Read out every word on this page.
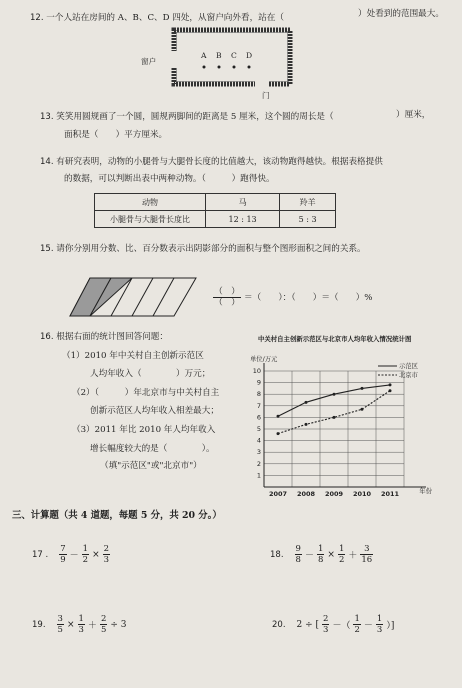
12. 一个人站在房间的 A、B、C、D 四处，从窗户向外看，站在（	）处看到的范围最大。
窗户
A B C D
门
13. 笑笑用圆规画了一个圆，圆规两脚间的距离是 5 厘米，这个圆的周长是（	）厘米，
面积是（　　）平方厘米。
14. 有研究表明，动物的小腿骨与大腿骨长度的比值越大，该动物跑得越快。根据表格提供
的数据，可以判断出表中两种动物。（　　　）跑得快。
动物	马	羚羊
小腿骨与大腿骨长度比	12 : 13	5 : 3
15. 请你分别用分数、比、百分数表示出阴影部分的面积与整个图形面积之间的关系。
$\frac{( )}{( )}$ ＝（　　）：（　　）＝（　　）%
16. 根据右面的统计图回答问题：
（1）2010 年中关村自主创新示范区
人均年收入（　　　　）万元；
（2）（　　　）年北京市与中关村自主
创新示范区人均年收入相差最大；
（3）2011 年比 2010 年人均年收入
增长幅度较大的是（　　　　）。
（填"示范区"或"北京市"）
中关村自主创新示范区与北京市人均年收入情况统计图
单位/万元
1
2
3
4
5
6
7
8
9
10
2007 2008 2009 2010 2011	年份
示范区
北京市
三、计算题（共 4 道题，每题 5 分，共 20 分。）
17 . $\frac{7}{9} - \frac{1}{2} \times \frac{2}{3}$	18. $\frac{9}{8} - \frac{1}{8} \times \frac{1}{2} + \frac{3}{16}$
19. $\frac{3}{5} \times \frac{1}{3} + \frac{2}{5} \div 3$	20. 2 ÷ [ $\frac{2}{3}$ －（ $\frac{1}{2} - \frac{1}{3}$ ）]
